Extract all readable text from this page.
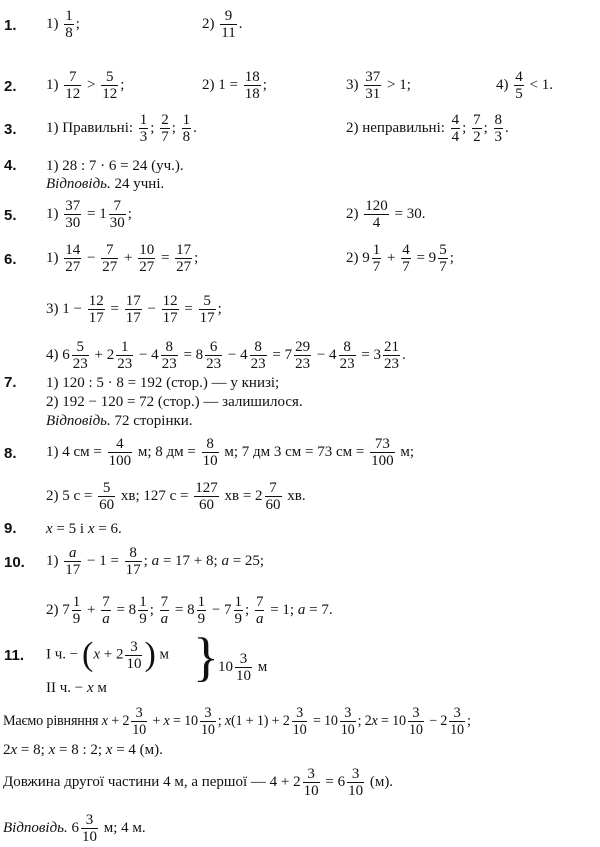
1. $1) \frac{1}{8}$ ;	$2) \frac{9}{11}$ .
2. $1) \frac{7}{12} > \frac{5}{12}$ ;	2) $1 = \frac{18}{18}$ ;	$3) \frac{37}{31} > 1$;	$4) \frac{4}{5} < 1$.
3. 1) Правильні: $\frac{1}{3}$ ; $\frac{2}{7}$ ; $\frac{1}{8}$ .	2) неправильні: $\frac{4}{4}$ ; $\frac{7}{2}$ ; $\frac{8}{3}$ .
4. 1) 28 : 7 · 6 = 24 (уч.).
Відповідь. 24 учні.
5. $1) \frac{37}{30} = 1 \frac{7}{30}$ ;	$2) \frac{120}{4} = 30$.
6. $1) \frac{14}{27} - \frac{7}{27} + \frac{10}{27} = \frac{17}{27}$ ;	2) $9 \frac{1}{7} + \frac{4}{7} = 9 \frac{5}{7}$ ;
3) $1 - \frac{12}{17} = \frac{17}{17} - \frac{12}{17} = \frac{5}{17}$ ;
4) $6 \frac{5}{23} + 2 \frac{1}{23} - 4 \frac{8}{23} = 8 \frac{6}{23} - 4 \frac{8}{23} = 7 \frac{29}{23} - 4 \frac{8}{23} = 3 \frac{21}{23}$ .
7. 1) 120 : 5 · 8 = 192 (стор.) — у книзі;
2) 192 − 120 = 72 (стор.) — залишилося.
Відповідь. 72 сторінки.
8. 1) 4 см = $\frac{4}{100} м$; 8 дм = $\frac{8}{10} м$; 7 дм 3 см = 73 см = $\frac{73}{100} м$;
2) 5 $с = \frac{5}{60}$ хв; 127 $с = \frac{127}{60}$ хв = $2 \frac{7}{60}$ хв.
9. x = 5 і x = 6.
10. $1) \frac{a}{17} - 1 = \frac{8}{17}$ ; a = 17 + 8; a = 25;
2) $7 \frac{1}{9} + \frac{7}{a} = 8 \frac{1}{9}$ ; $\frac{7}{a} = 8 \frac{1}{9} - 7 \frac{1}{9}$ ; $\frac{7}{a} = 1$; a = 7.
11. І ч. − ($x + 2 \frac{3}{10}$ ) м } $10 \frac{3}{10}$ м
ІІ ч. − x м
Маємо рівняння $x + 2 \frac{3}{10} + x = 10 \frac{3}{10}$ ; $x(1 + 1) + 2 \frac{3}{10} = 10 \frac{3}{10}$ ; $2x = 10 \frac{3}{10} - 2 \frac{3}{10}$ ;
2x = 8; x = 8 : 2; x = 4 (м).
Довжина другої частини 4 м, а першої — $4 + 2 \frac{3}{10} = 6 \frac{3}{10} (м)$.
Відповідь. $6 \frac{3}{10} м$; 4 м.
